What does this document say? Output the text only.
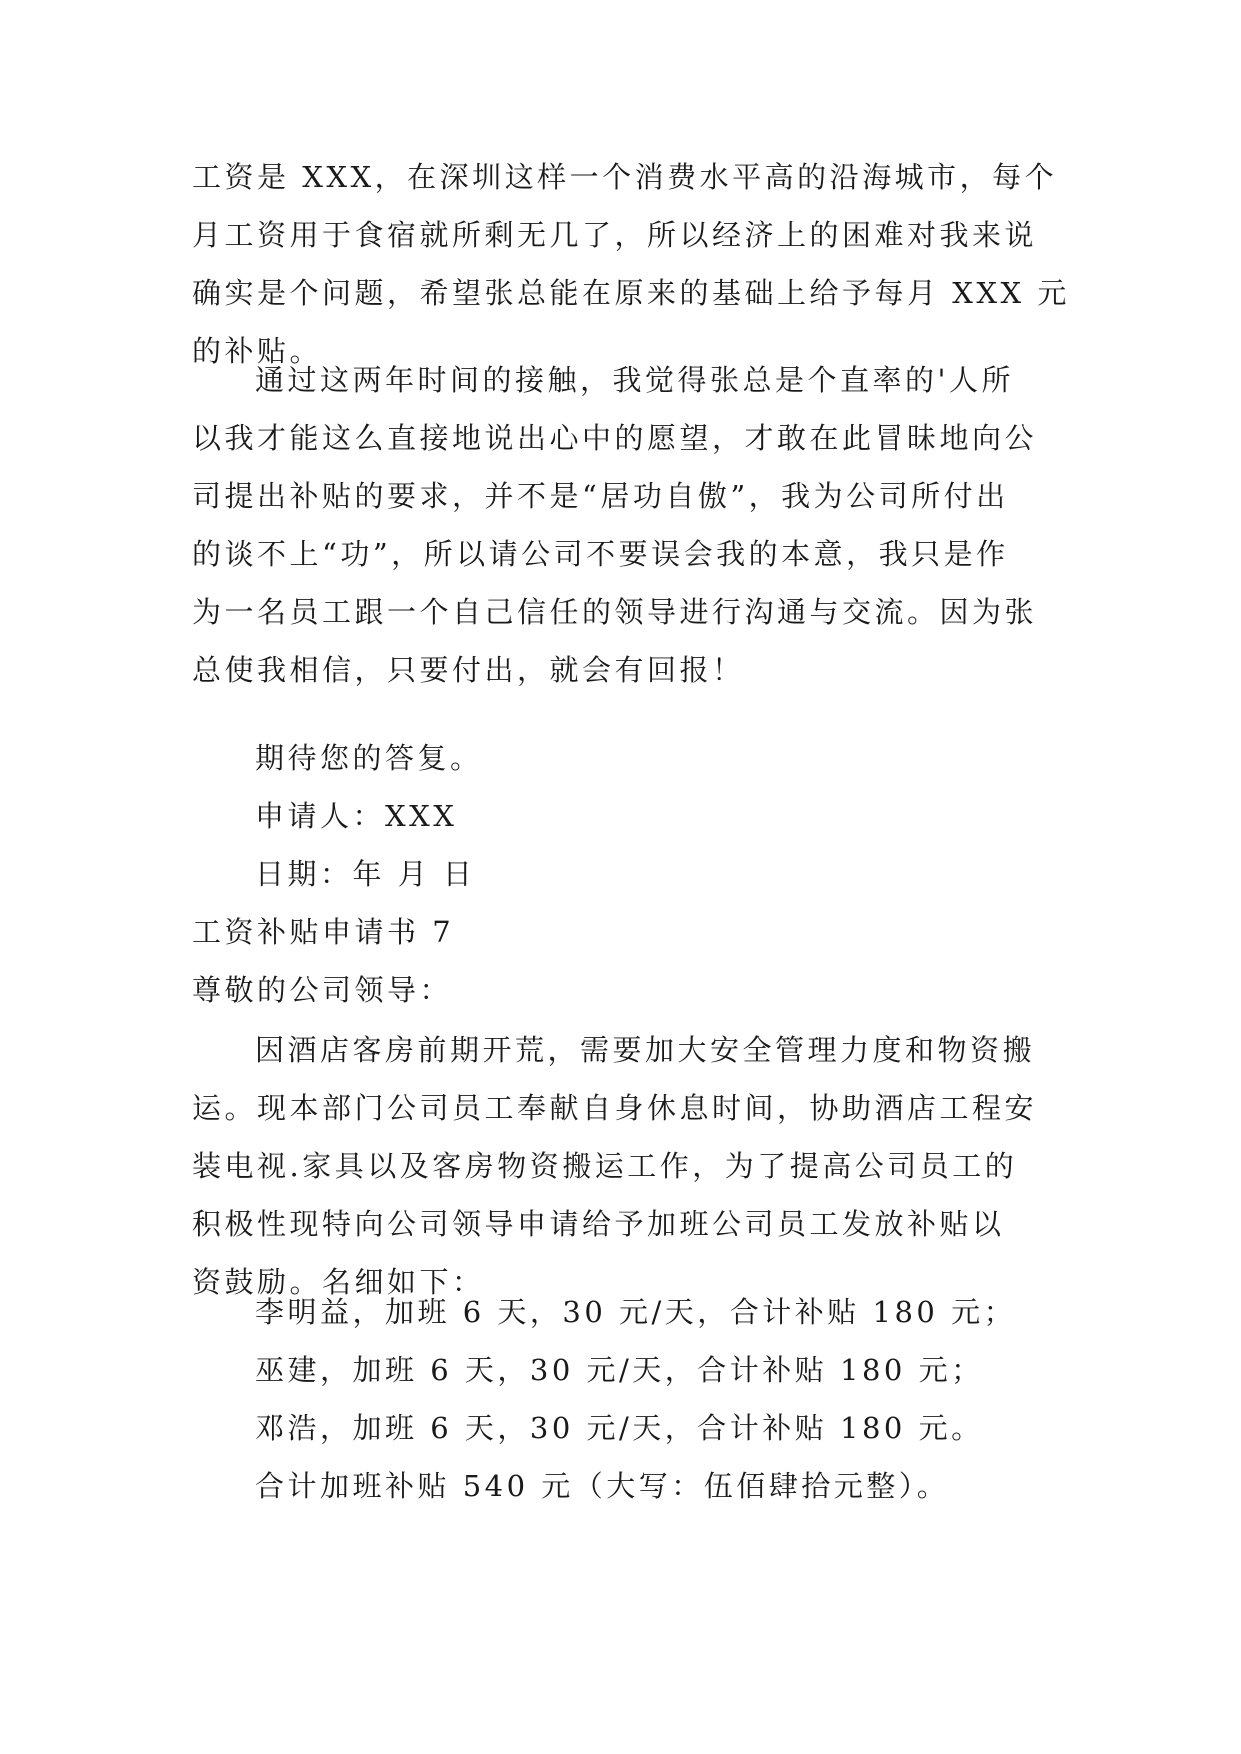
工资是 XXX，在深圳这样一个消费水平高的沿海城市，每个
月工资用于食宿就所剩无几了，所以经济上的困难对我来说
确实是个问题，希望张总能在原来的基础上给予每月 XXX 元
的补贴。

通过这两年时间的接触，我觉得张总是个直率的'人所

以我才能这么直接地说出心中的愿望，才敢在此冒昧地向公
司提出补贴的要求，并不是“居功自傲”，我为公司所付出
的谈不上“功”，所以请公司不要误会我的本意，我只是作
为一名员工跟一个自己信任的领导进行沟通与交流。因为张
总使我相信，只要付出，就会有回报！

期待您的答复。

申请人：XXX

日期：年 月 日

工资补贴申请书 7

尊敬的公司领导：

因酒店客房前期开荒，需要加大安全管理力度和物资搬

运。现本部门公司员工奉献自身休息时间，协助酒店工程安
装电视.家具以及客房物资搬运工作，为了提高公司员工的
积极性现特向公司领导申请给予加班公司员工发放补贴以
资鼓励。名细如下：

李明益，加班 6 天，30 元/天，合计补贴 180 元；
巫建，加班 6 天，30 元/天，合计补贴 180 元；
邓浩，加班 6 天，30 元/天，合计补贴 180 元。
合计加班补贴 540 元（大写：伍佰肆拾元整）。
